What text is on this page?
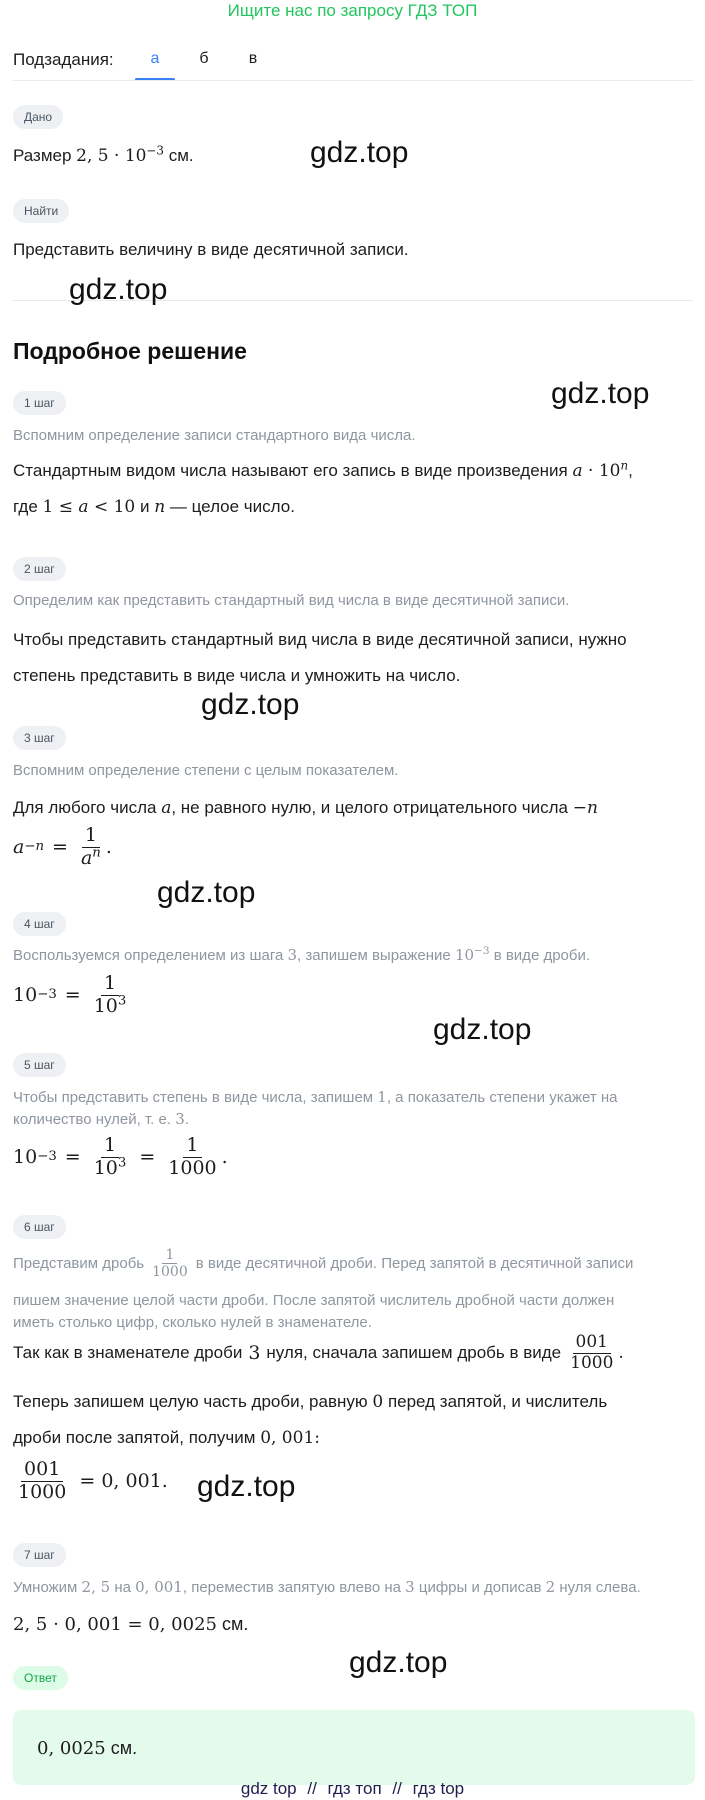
Ищите нас по запросу ГДЗ ТОП
Подзадания:	а	б	в
Дано
Размер 2, $5 \cdot 10^{-3}$ см.
Найти
Представить величину в виде десятичной записи.
Подробное решение
1 шаг
Вспомним определение записи стандартного вида числа.
Стандартным видом числа называют его запись в виде произведения $a \cdot 10^n$,
где 1 ≤ a < 10 и n — целое число.
2 шаг
Определим как представить стандартный вид числа в виде десятичной записи.
Чтобы представить стандартный вид числа в виде десятичной записи, нужно
степень представить в виде числа и умножить на число.
3 шаг
Вспомним определение степени с целым показателем.
Для любого числа a, не равного нулю, и целого отрицательного числа −n
$a -n = \frac{1}{a^n}$ .
4 шаг
Воспользуемся определением из шага 3, запишем выражение $10^{-3}$ в виде дроби.
$10 -3 = \frac{1}{10^3}$
5 шаг
Чтобы представить степень в виде числа, запишем 1, а показатель степени укажет на
количество нулей, т. е. 3.
$10 -3 = \frac{1}{10^3} = \frac{1}{1000}$ .
6 шаг
Представим дробь $\frac{1}{1000}$ в виде десятичной дроби. Перед запятой в десятичной записи
пишем значение целой части дроби. После запятой числитель дробной части должен
иметь столько цифр, сколько нулей в знаменателе.
Так как в знаменателе дроби 3 нуля, сначала запишем дробь в виде $\frac{001}{1000}$ .
Теперь запишем целую часть дроби, равную 0 перед запятой, и числитель
дроби после запятой, получим 0, 001:
$\frac{001}{1000} = 0$, 001.
7 шаг
Умножим 2, 5 на 0, 001, переместив запятую влево на 3 цифры и дописав 2 нуля слева.
2, 5 · 0, 001 = 0, 0025 см.
Ответ
0, 0025 см.
gdz.top
gdz.top
gdz.top
gdz.top
gdz.top
gdz.top
gdz.top
gdz.top
gdz top // гдз топ // гдз top
